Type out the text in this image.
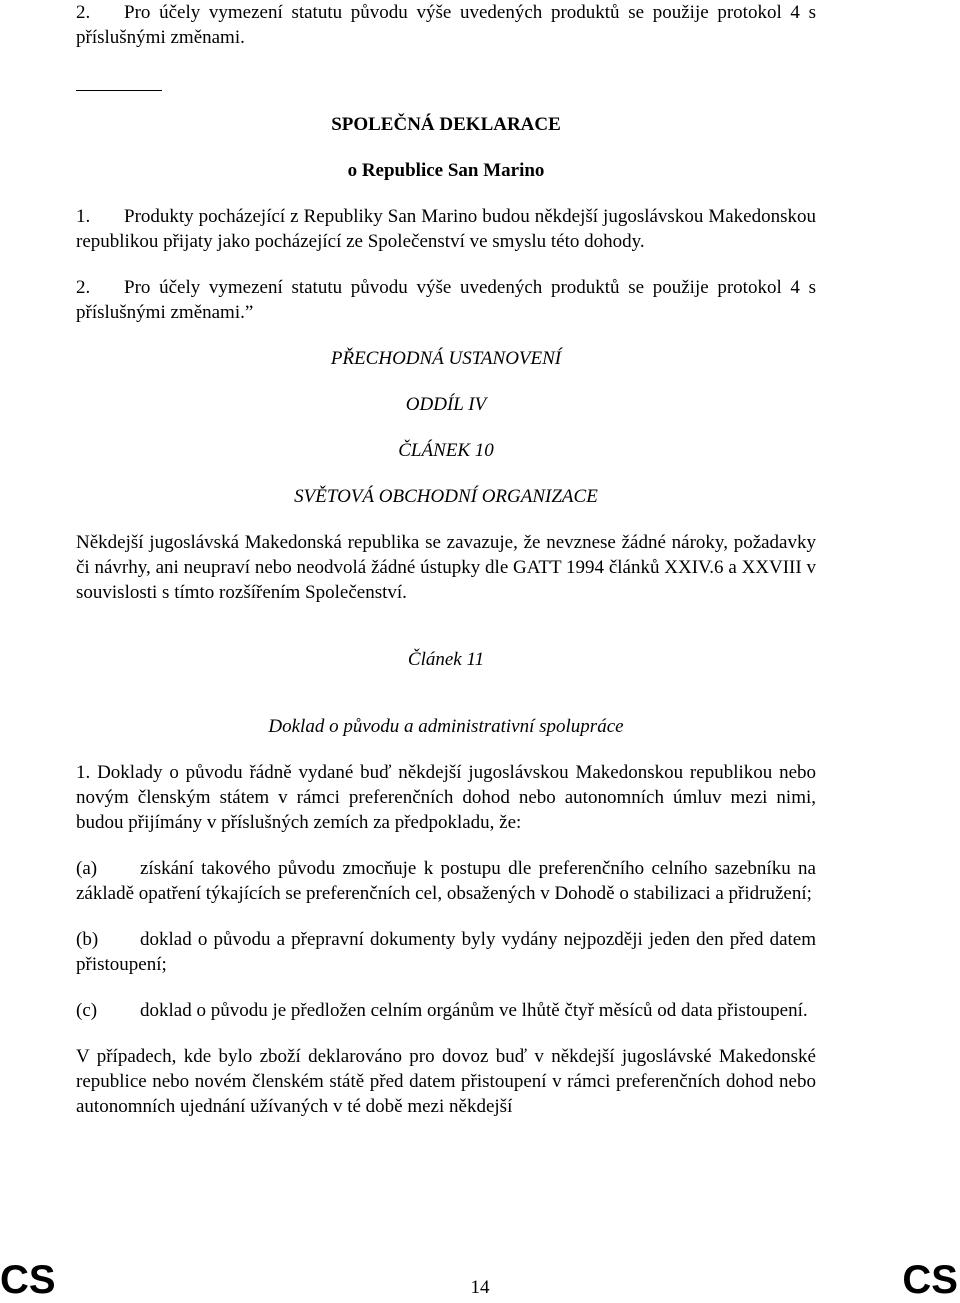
2. Pro účely vymezení statutu původu výše uvedených produktů se použije protokol 4 s příslušnými změnami.

SPOLEČNÁ DEKLARACE

o Republice San Marino

1. Produkty pocházející z Republiky San Marino budou někdejší jugoslávskou Makedonskou republikou přijaty jako pocházející ze Společenství ve smyslu této dohody.

2. Pro účely vymezení statutu původu výše uvedených produktů se použije protokol 4 s příslušnými změnami.”

PŘECHODNÁ USTANOVENÍ

ODDÍL IV

ČLÁNEK 10

SVĚTOVÁ OBCHODNÍ ORGANIZACE

Někdejší jugoslávská Makedonská republika se zavazuje, že nevznese žádné nároky, požadavky či návrhy, ani neupraví nebo neodvolá žádné ústupky dle GATT 1994 článků XXIV.6 a XXVIII v souvislosti s tímto rozšířením Společenství.

Článek 11

Doklad o původu a administrativní spolupráce

1. Doklady o původu řádně vydané buď někdejší jugoslávskou Makedonskou republikou nebo novým členským státem v rámci preferenčních dohod nebo autonomních úmluv mezi nimi, budou přijímány v příslušných zemích za předpokladu, že:

(a) získání takového původu zmocňuje k postupu dle preferenčního celního sazebníku na základě opatření týkajících se preferenčních cel, obsažených v Dohodě o stabilizaci a přidružení;

(b) doklad o původu a přepravní dokumenty byly vydány nejpozději jeden den před datem přistoupení;

(c) doklad o původu je předložen celním orgánům ve lhůtě čtyř měsíců od data přistoupení.

V případech, kde bylo zboží deklarováno pro dovoz buď v někdejší jugoslávské Makedonské republice nebo novém členském státě před datem přistoupení v rámci preferenčních dohod nebo autonomních ujednání užívaných v té době mezi někdejší

CS	14	CS
